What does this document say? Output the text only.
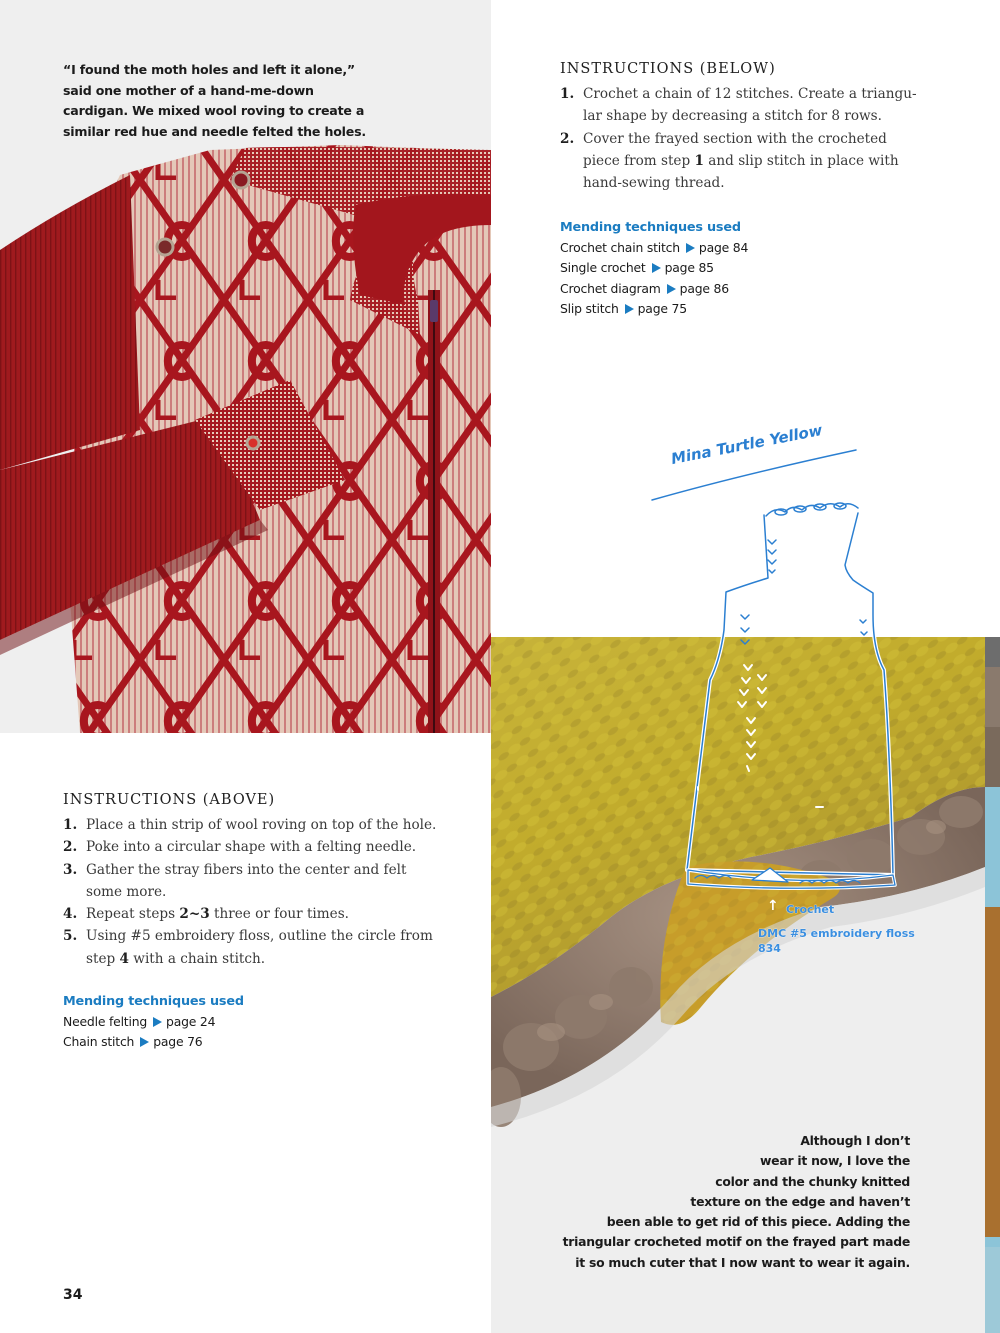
“I found the moth holes and left it alone,” said one mother of a hand-me-down cardigan. We mixed wool roving to create a similar red hue and needle felted the holes.

INSTRUCTIONS (BELOW)
1. Crochet a chain of 12 stitches. Create a triangu-lar shape by decreasing a stitch for 8 rows.
2. Cover the frayed section with the crocheted piece from step 1 and slip stitch in place with hand-sewing thread.
Mending techniques used
Crochet chain stitch page 84
Single crochet page 85
Crochet diagram page 86
Slip stitch page 75
INSTRUCTIONS (ABOVE)
1. Place a thin strip of wool roving on top of the hole.
2. Poke into a circular shape with a felting needle.
3. Gather the stray fibers into the center and felt some more.
4. Repeat steps 2~3 three or four times.
5. Using #5 embroidery floss, outline the circle from step 4 with a chain stitch.
Mending techniques used
Needle felting page 24
Chain stitch page 76
Mina Turtle Yellow
↑ Crochet
DMC #5 embroidery floss 834
Although I don’t
wear it now, I love the
color and the chunky knitted
texture on the edge and haven’t
been able to get rid of this piece. Adding the
triangular crocheted motif on the frayed part made
it so much cuter that I now want to wear it again.
34
